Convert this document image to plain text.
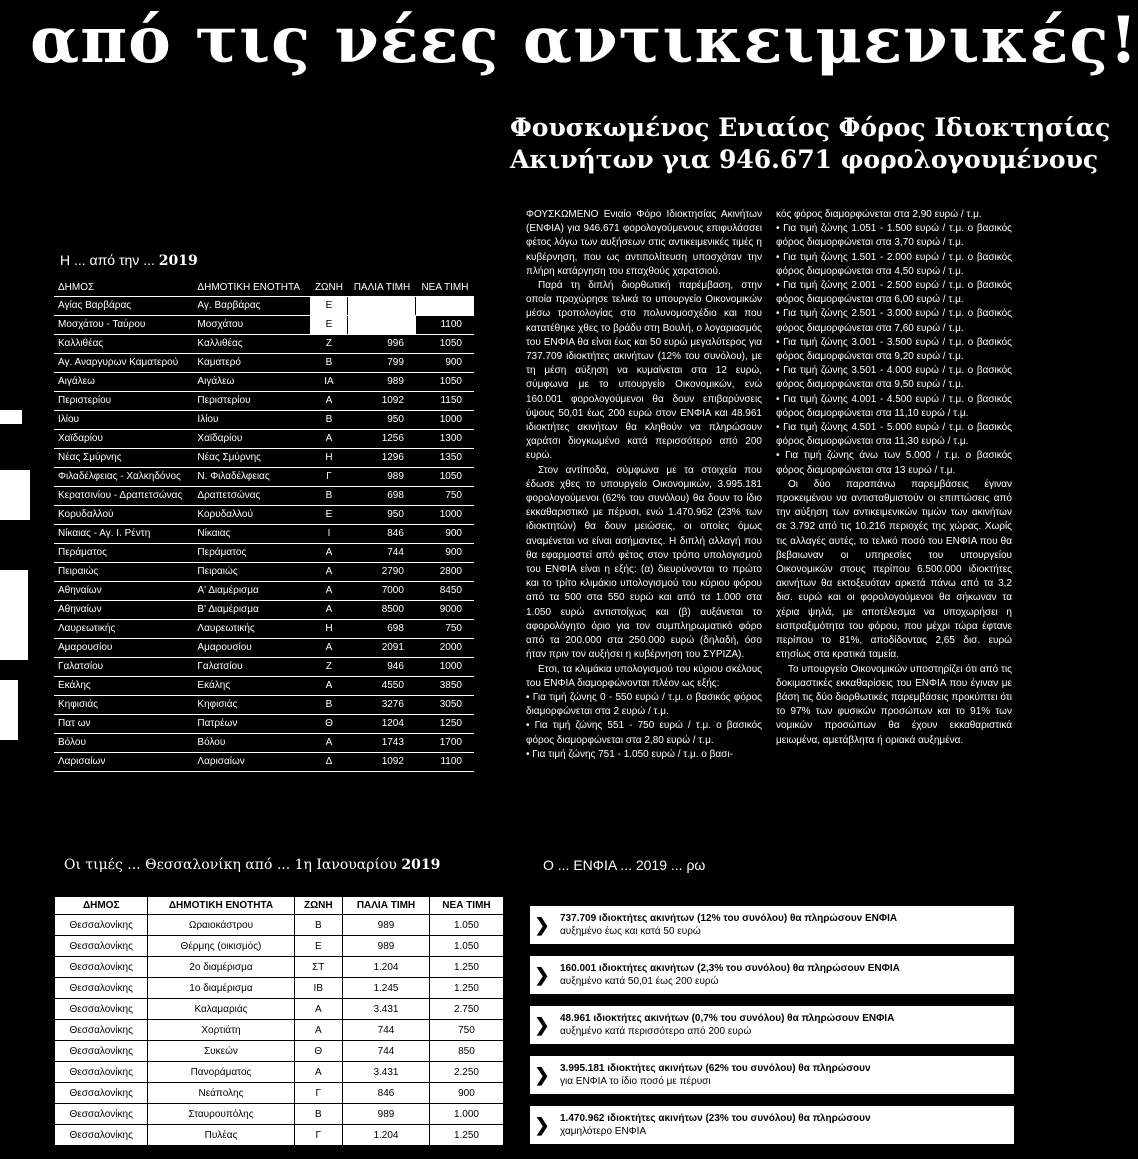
από τις νέες αντικειμενικές!
Φουσκωμένος Ενιαίος Φόρος Ιδιοκτησίας
Ακινήτων για 946.671 φορολογουμένους
Η ... από την ... 2019
ΔΗΜΟΣ	ΔΗΜΟΤΙΚΗ ΕΝΟΤΗΤΑ	ΖΩΝΗ	ΠΑΛΙΑ ΤΙΜΗ	ΝΕΑ ΤΙΜΗ
Αγίας Βαρβάρας	Αγ. Βαρβάρας	Ε		
Μοσχάτου - Ταύρου	Μοσχάτου	Ε		1100
Καλλιθέας	Καλλιθέας	Ζ	996	1050
Αγ. Αναργυρων Καματερού	Καματερό	Β	799	900
Αιγάλεω	Αιγάλεω	ΙΑ	989	1050
Περιστερίου	Περιστερίου	Α	1092	1150
Ιλίου	Ιλίου	Β	950	1000
Χαϊδαρίου	Χαϊδαρίου	Α	1256	1300
Νέας Σμύρνης	Νέας Σμύρνης	Η	1296	1350
Φιλαδέλφειας - Χαλκηδόνος	Ν. Φιλαδέλφειας	Γ	989	1050
Κερατσινίου - Δραπετσώνας	Δραπετσώνας	Β	698	750
Κορυδαλλού	Κορυδαλλού	Ε	950	1000
Νίκαιας - Αγ. Ι. Ρέντη	Νίκαιας	Ι	846	900
Περάματος	Περάματος	Α	744	900
Πειραιώς	Πειραιώς	Α	2790	2800
Αθηναίων	Α' Διαμέρισμα	Α	7000	8450
Αθηναίων	Β' Διαμέρισμα	Α	8500	9000
Λαυρεωτικής	Λαυρεωτικής	Η	698	750
Αμαρουσίου	Αμαρουσίου	Α	2091	2000
Γαλατσίου	Γαλατσίου	Ζ	946	1000
Εκάλης	Εκάλης	Α	4550	3850
Κηφισιάς	Κηφισιάς	Β	3276	3050
Πατ ων	Πατρέων	Θ	1204	1250
Βόλου	Βόλου	Α	1743	1700
Λαρισαίων	Λαρισαίων	Δ	1092	1100

ΦΟΥΣΚΩΜΕΝΟ Ενιαίο Φόρο Ιδιοκτησίας Ακινήτων (ΕΝΦΙΑ) για 946.671 φορολογούμενους επιφυλάσσει φέτος λόγω των αυξήσεων στις αντικειμενικές τιμές η κυβέρνηση, που ως αντιπολίτευση υποσχόταν την πλήρη κατάργηση του επαχθούς χαρατσιού.

Παρά τη διπλή διορθωτική παρέμβαση, στην οποία προχώρησε τελικά το υπουργείο Οικονομικών μέσω τροπολογίας στο πολυνομοσχέδιο και που κατατέθηκε χθες το βράδυ στη Βουλή, ο λογαριασμός του ΕΝΦΙΑ θα είναι έως και 50 ευρώ μεγαλύτερος για 737.709 ιδιοκτήτες ακινήτων (12% του συνόλου), με τη μέση αύξηση να κυμαίνεται στα 12 ευρώ, σύμφωνα με το υπουργείο Οικονομικών, ενώ 160.001 φορολογούμενοι θα δουν επιβαρύνσεις ύψους 50,01 έως 200 ευρώ στον ΕΝΦΙΑ και 48.961 ιδιοκτήτες ακινήτων θα κληθούν να πληρώσουν χαράτσι διογκωμένο κατά περισσότερο από 200 ευρώ.

Στον αντίποδα, σύμφωνα με τα στοιχεία που έδωσε χθες το υπουργείο Οικονομικών, 3.995.181 φορολογούμενοι (62% του συνόλου) θα δουν το ίδιο εκκαθαριστικό με πέρυσι, ενώ 1.470.962 (23% των ιδιοκτητών) θα δουν μειώσεις, οι οποίες όμως αναμένεται να είναι ασήμαντες. Η διπλή αλλαγή που θα εφαρμοστεί από φέτος στον τρόπο υπολογισμού του ΕΝΦΙΑ είναι η εξής: (α) διευρύνονται το πρώτο και το τρίτο κλιμάκιο υπολογισμού του κύριου φόρου από τα 500 στα 550 ευρώ και από τα 1.000 στα 1.050 ευρώ αντιστοίχως και (β) αυξάνεται το αφορολόγητο όριο για τον συμπληρωματικό φόρο από τα 200.000 στα 250.000 ευρώ (δηλαδή, όσο ήταν πριν τον αυξήσει η κυβέρνηση του ΣΥΡΙΖΑ).

Ετσι, τα κλιμάκια υπολογισμού του κύριου σκέλους του ΕΝΦΙΑ διαμορφώνονται πλέον ως εξής:

• Για τιμή ζώνης 0 - 550 ευρώ / τ.μ. ο βασικός φόρος διαμορφώνεται στα 2 ευρώ / τ.μ.
• Για τιμή ζώνης 551 - 750 ευρώ / τ.μ. ο βασικός φόρος διαμορφώνεται στα 2,80 ευρώ / τ.μ.
• Για τιμή ζώνης 751 - 1.050 ευρώ / τ.μ. ο βασι-

κός φόρος διαμορφώνεται στα 2,90 ευρώ / τ.μ.

• Για τιμή ζώνης 1.051 - 1.500 ευρώ / τ.μ. ο βασικός φόρος διαμορφώνεται στα 3,70 ευρώ / τ.μ.
• Για τιμή ζώνης 1.501 - 2.000 ευρώ / τ.μ. ο βασικός φόρος διαμορφώνεται στα 4,50 ευρώ / τ.μ.
• Για τιμή ζώνης 2.001 - 2.500 ευρώ / τ.μ. ο βασικός φόρος διαμορφώνεται στα 6,00 ευρώ / τ.μ.
• Για τιμή ζώνης 2.501 - 3.000 ευρώ / τ.μ. ο βασικός φόρος διαμορφώνεται στα 7,60 ευρώ / τ.μ.
• Για τιμή ζώνης 3.001 - 3.500 ευρώ / τ.μ. ο βασικός φόρος διαμορφώνεται στα 9,20 ευρώ / τ.μ.
• Για τιμή ζώνης 3.501 - 4.000 ευρώ / τ.μ. ο βασικός φόρος διαμορφώνεται στα 9,50 ευρώ / τ.μ.
• Για τιμή ζώνης 4.001 - 4.500 ευρώ / τ.μ. ο βασικός φόρος διαμορφώνεται στα 11,10 ευρώ / τ.μ.
• Για τιμή ζώνης 4.501 - 5.000 ευρώ / τ.μ. ο βασικός φόρος διαμορφώνεται στα 11,30 ευρώ / τ.μ.
• Για τιμή ζώνης άνω των 5.000 / τ.μ. ο βασικός φόρος διαμορφώνεται στα 13 ευρώ / τ.μ.

Οι δύο παραπάνω παρεμβάσεις έγιναν προκειμένου να αντισταθμιστούν οι επιπτώσεις από την αύξηση των αντικειμενικών τιμών των ακινήτων σε 3.792 από τις 10.216 περιοχές της χώρας. Χωρίς τις αλλαγές αυτές, το τελικό ποσό του ΕΝΦΙΑ που θα βεβαιωναν οι υπηρεσίες του υπουργείου Οικονομικών στους περίπου 6.500.000 ιδιοκτήτες ακινήτων θα εκτοξευόταν αρκετά πάνω από τα 3,2 δισ. ευρώ και οι φορολογούμενοι θα σήκωναν τα χέρια ψηλά, με αποτέλεσμα να υποχωρήσει η εισπραξιμότητα του φόρου, που μέχρι τώρα έφτανε περίπου το 81%, αποδίδοντας 2,65 δισ. ευρώ ετησίως στα κρατικά ταμεία.

Το υπουργείο Οικονομικών υποστηρίζει ότι από τις δοκιμαστικές εκκαθαρίσεις του ΕΝΦΙΑ που έγιναν με βάση τις δύο διορθωτικές παρεμβάσεις προκύπτει ότι το 97% των φυσικών προσώπων και το 91% των νομικών προσώπων θα έχουν εκκαθαριστικά μειωμένα, αμετάβλητα ή οριακά αυξημένα.

Οι τιμές ... Θεσσαλονίκη από ... 1η Ιανουαρίου 2019
ΔΗΜΟΣ	ΔΗΜΟΤΙΚΗ ΕΝΟΤΗΤΑ	ΖΩΝΗ	ΠΑΛΙΑ ΤΙΜΗ	ΝΕΑ ΤΙΜΗ
Θεσσαλονίκης	Ωραιοκάστρου	Β	989	1.050
Θεσσαλονίκης	Θέρμης (οικισμός)	Ε	989	1.050
Θεσσαλονίκης	2ο διαμέρισμα	ΣΤ	1.204	1.250
Θεσσαλονίκης	1ο διαμέρισμα	ΙΒ	1.245	1.250
Θεσσαλονίκης	Καλαμαριάς	Α	3.431	2.750
Θεσσαλονίκης	Χορτιάτη	Α	744	750
Θεσσαλονίκης	Συκεών	Θ	744	850
Θεσσαλονίκης	Πανοράματος	Α	3.431	2.250
Θεσσαλονίκης	Νεάπολης	Γ	846	900
Θεσσαλονίκης	Σταυρουπόλης	Β	989	1.000
Θεσσαλονίκης	Πυλέας	Γ	1.204	1.250
Ο ... ΕΝΦΙΑ ... 2019 ... ρω
❯	737.709 ιδιοκτήτες ακινήτων (12% του συνόλου) θα πληρώσουν ΕΝΦΙΑ
αυξημένο έως και κατά 50 ευρώ
❯	160.001 ιδιοκτήτες ακινήτων (2,3% του συνόλου) θα πληρώσουν ΕΝΦΙΑ
αυξημένο κατά 50,01 έως 200 ευρώ
❯	48.961 ιδιοκτήτες ακινήτων (0,7% του συνόλου) θα πληρώσουν ΕΝΦΙΑ
αυξημένο κατά περισσότερο από 200 ευρώ
❯	3.995.181 ιδιοκτήτες ακινήτων (62% του συνόλου) θα πληρώσουν
για ΕΝΦΙΑ το ίδιο ποσό με πέρυσι
❯	1.470.962 ιδιοκτήτες ακινήτων (23% του συνόλου) θα πληρώσουν
χαμηλότερο ΕΝΦΙΑ
